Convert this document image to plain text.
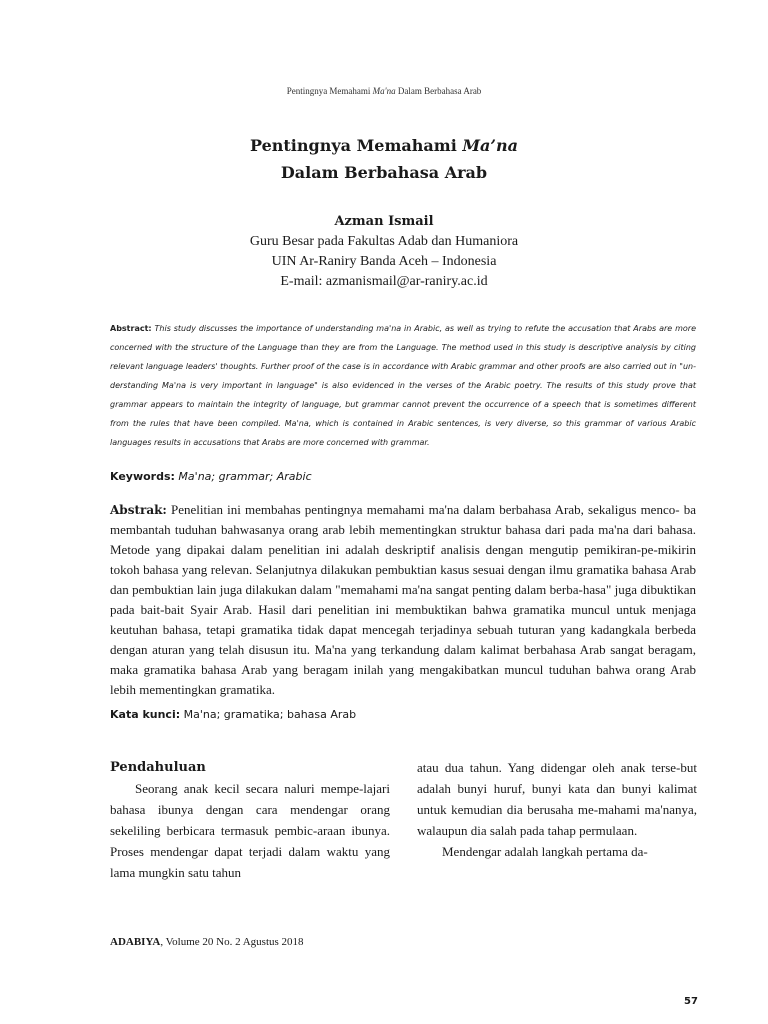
Pentingnya Memahami Ma'na Dalam Berbahasa Arab
Pentingnya Memahami Ma’na
Dalam Berbahasa Arab
Azman Ismail
Guru Besar pada Fakultas Adab dan Humaniora
UIN Ar-Raniry Banda Aceh – Indonesia
E-mail: azmanismail@ar-raniry.ac.id
Abstract: This study discusses the importance of understanding ma'na in Arabic, as well as trying to refute the accusation that Arabs are more concerned with the structure of the Language than they are from the Language. The method used in this study is descriptive analysis by citing relevant language leaders' thoughts. Further proof of the case is in accordance with Arabic grammar and other proofs are also carried out in "un- derstanding Ma'na is very important in language" is also evidenced in the verses of the Arabic poetry. The results of this study prove that grammar appears to maintain the integrity of language, but grammar cannot prevent the occurrence of a speech that is sometimes different from the rules that have been compiled. Ma'na, which is contained in Arabic sentences, is very diverse, so this grammar of various Arabic languages results in accusations that Arabs are more concerned with grammar.
Keywords: Ma'na; grammar; Arabic
Abstrak: Penelitian ini membahas pentingnya memahami ma'na dalam berbahasa Arab, sekaligus menco- ba membantah tuduhan bahwasanya orang arab lebih mementingkan struktur bahasa dari pada ma'na dari bahasa. Metode yang dipakai dalam penelitian ini adalah deskriptif analisis dengan mengutip pemikiran-pe-mikirin tokoh bahasa yang relevan. Selanjutnya dilakukan pembuktian kasus sesuai dengan ilmu gramatika bahasa Arab dan pembuktian lain juga dilakukan dalam "memahami ma'na sangat penting dalam berba-hasa" juga dibuktikan pada bait-bait Syair Arab. Hasil dari penelitian ini membuktikan bahwa gramatika muncul untuk menjaga keutuhan bahasa, tetapi gramatika tidak dapat mencegah terjadinya sebuah tuturan yang kadangkala berbeda dengan aturan yang telah disusun itu. Ma'na yang terkandung dalam kalimat berbahasa Arab sangat beragam, maka gramatika bahasa Arab yang beragam inilah yang mengakibatkan muncul tuduhan bahwa orang Arab lebih mementingkan gramatika.
Kata kunci: Ma'na; gramatika; bahasa Arab
Pendahuluan

Seorang anak kecil secara naluri mempe-lajari bahasa ibunya dengan cara mendengar orang sekeliling berbicara termasuk pembic-araan ibunya. Proses mendengar dapat terjadi dalam waktu yang lama mungkin satu tahun

atau dua tahun. Yang didengar oleh anak terse-but adalah bunyi huruf, bunyi kata dan bunyi kalimat untuk kemudian dia berusaha me-mahami ma'nanya, walaupun dia salah pada tahap permulaan.

Mendengar adalah langkah pertama da-

ADABIYA, Volume 20 No. 2 Agustus 2018
57
